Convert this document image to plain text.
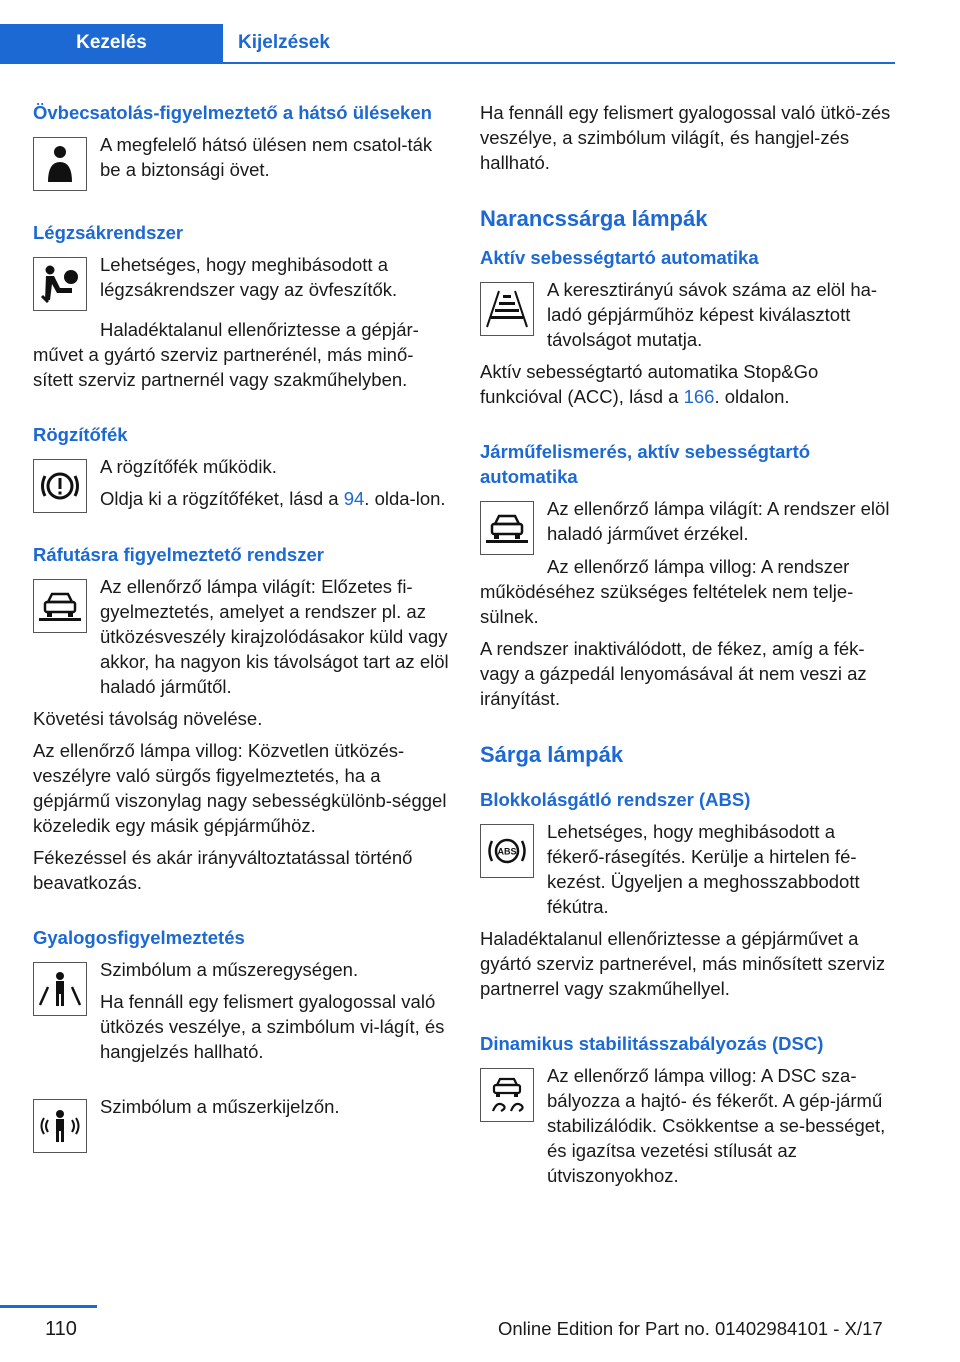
Kezelés	Kijelzések
Övbecsatolás-figyelmeztető a hátsó üléseken

A megfelelő hátsó ülésen nem csatol-ták be a biztonsági övet.

Légzsákrendszer

Lehetséges, hogy meghibásodott a légzsákrendszer vagy az övfeszítők.

Haladéktalanul ellenőriztesse a gépjár-művet a gyártó szerviz partnerénél, más minő-sített szerviz partnernél vagy szakműhelyben.

Rögzítőfék

A rögzítőfék működik.

Oldja ki a rögzítőféket, lásd a 94. olda-lon.

Ráfutásra figyelmeztető rendszer

Az ellenőrző lámpa világít: Előzetes fi-gyelmeztetés, amelyet a rendszer pl. az ütközésveszély kirajzolódásakor küld vagy akkor, ha nagyon kis távolságot tart az elöl haladó járműtől.

Követési távolság növelése.

Az ellenőrző lámpa villog: Közvetlen ütközés-veszélyre való sürgős figyelmeztetés, ha a gépjármű viszonylag nagy sebességkülönb-séggel közeledik egy másik gépjárműhöz.

Fékezéssel és akár irányváltoztatással történő beavatkozás.

Gyalogosfigyelmeztetés

Szimbólum a műszeregységen.

Ha fennáll egy felismert gyalogossal való ütközés veszélye, a szimbólum vi-lágít, és hangjelzés hallható.

Szimbólum a műszerkijelzőn.

Ha fennáll egy felismert gyalogossal való ütkö-zés veszélye, a szimbólum világít, és hangjel-zés hallható.

Narancssárga lámpák
Aktív sebességtartó automatika

A keresztirányú sávok száma az elöl ha-ladó gépjárműhöz képest kiválasztott távolságot mutatja.

Aktív sebességtartó automatika Stop&Go funkcióval (ACC), lásd a 166. oldalon.

Járműfelismerés, aktív sebességtartó automatika

Az ellenőrző lámpa világít: A rendszer elöl haladó járművet érzékel.

Az ellenőrző lámpa villog: A rendszer működéséhez szükséges feltételek nem telje-sülnek.

A rendszer inaktiválódott, de fékez, amíg a fék-vagy a gázpedál lenyomásával át nem veszi az irányítást.

Sárga lámpák
Blokkolásgátló rendszer (ABS)
ABS

Lehetséges, hogy meghibásodott a fékerő-rásegítés. Kerülje a hirtelen fé-kezést. Ügyeljen a meghosszabbodott fékútra.

Haladéktalanul ellenőriztesse a gépjárművet a gyártó szerviz partnerével, más minősített szerviz partnerrel vagy szakműhellyel.

Dinamikus stabilitásszabályozás (DSC)

Az ellenőrző lámpa villog: A DSC sza-bályozza a hajtó- és fékerőt. A gép-jármű stabilizálódik. Csökkentse a se-bességet, és igazítsa vezetési stílusát az útviszonyokhoz.

110	Online Edition for Part no. 01402984101 - X/17
